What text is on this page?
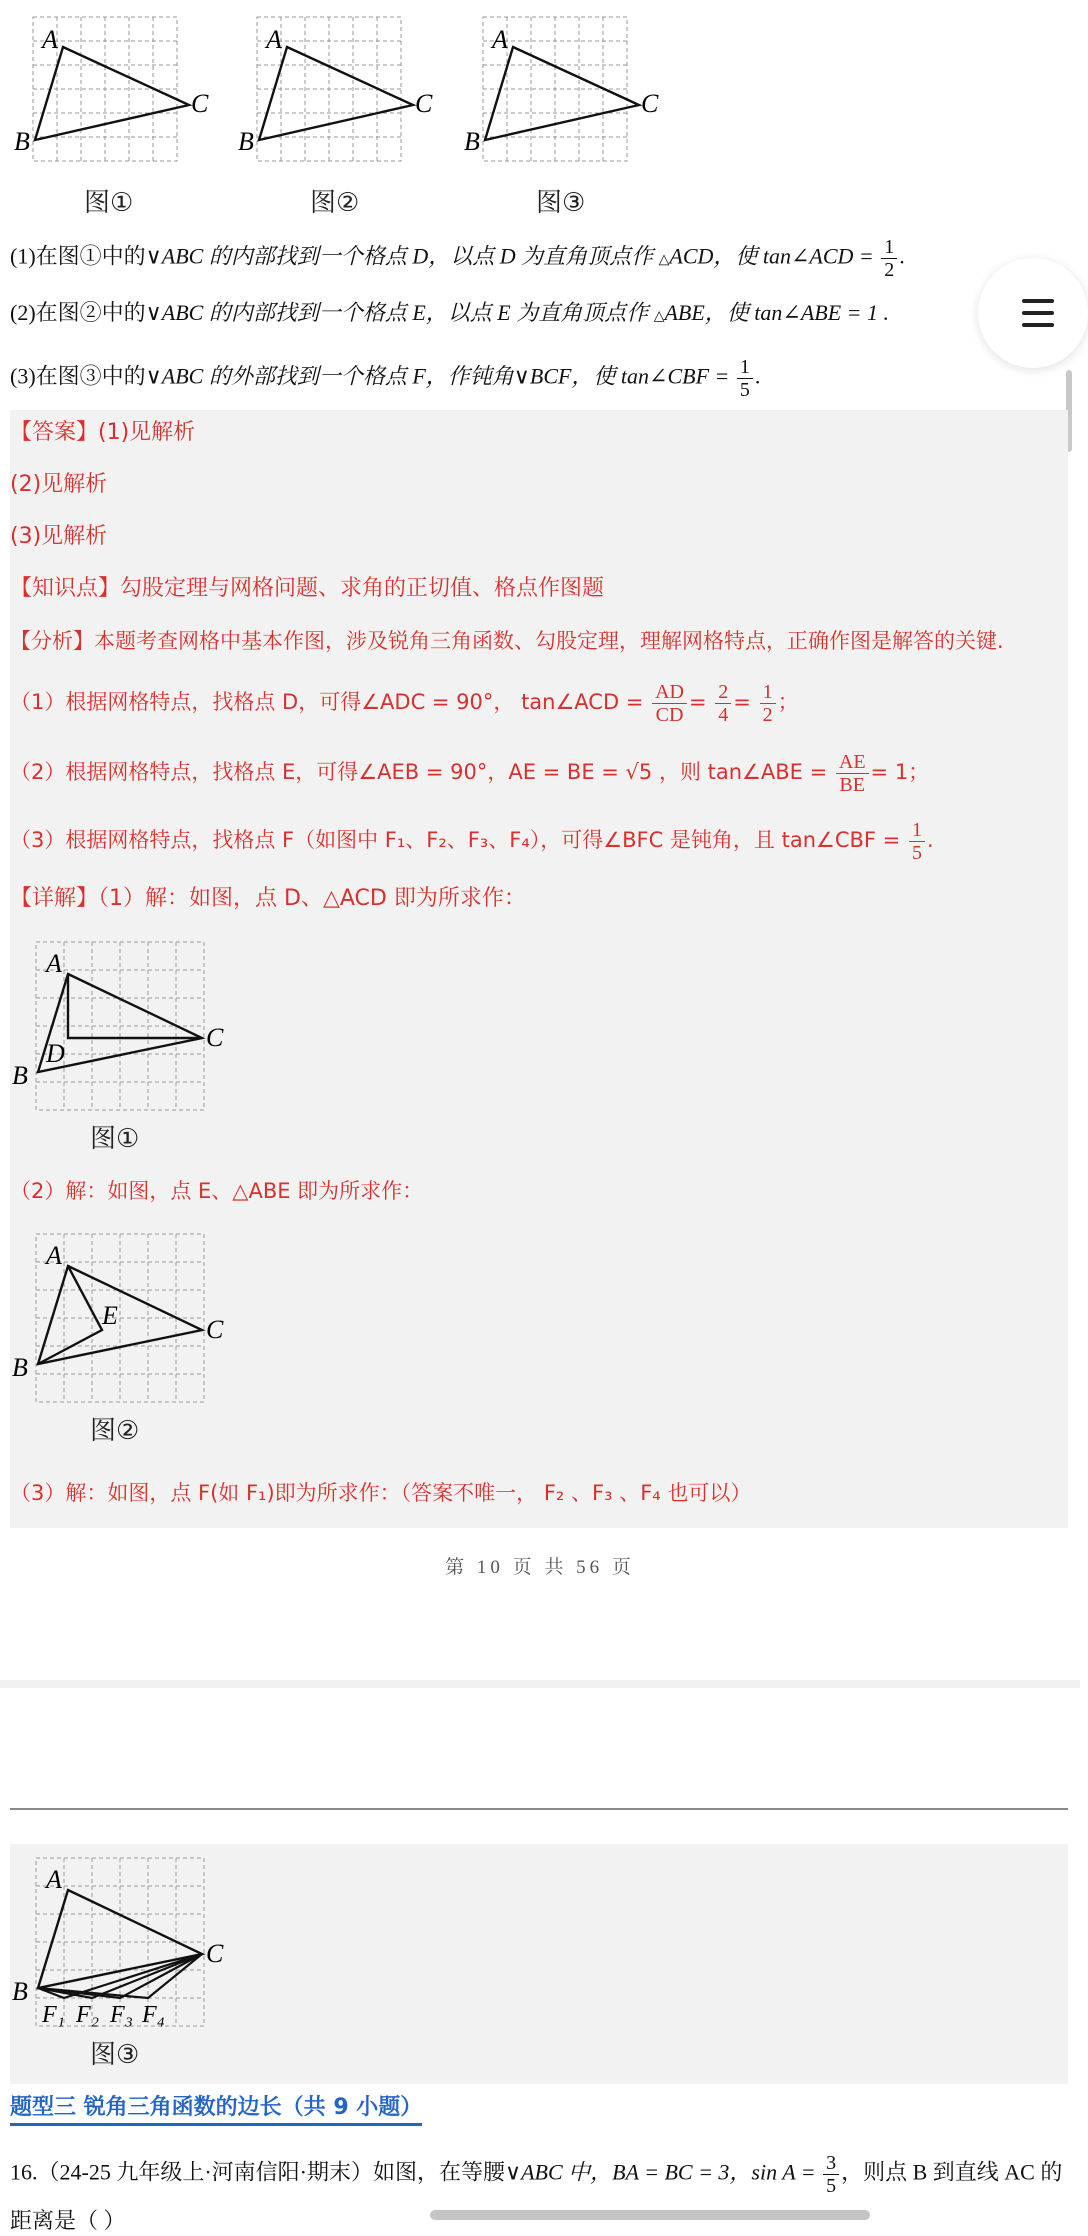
A
C
B
图①
A
C
B
图②
A
C
B
图③
(1)在图①中的∨ABC 的内部找到一个格点 D，以点 D 为直角顶点作 △ACD，使 tan∠ACD = $\frac{1}{2}$ .
(2)在图②中的∨ABC 的内部找到一个格点 E，以点 E 为直角顶点作 △ABE，使 tan∠ABE = 1 .
(3)在图③中的∨ABC 的外部找到一个格点 F，作钝角∨BCF，使 tan∠CBF = $\frac{1}{5}$ .
【答案】(1)见解析
(2)见解析
(3)见解析
【知识点】勾股定理与网格问题、求角的正切值、格点作图题
【分析】本题考查网格中基本作图，涉及锐角三角函数、勾股定理，理解网格特点，正确作图是解答的关键.
（1）根据网格特点，找格点 D，可得∠ADC = 90°， tan∠ACD = $\frac{AD}{CD} = \frac{2}{4} = \frac{1}{2}$ ；
（2）根据网格特点，找格点 E，可得∠AEB = 90°，AE = BE = √5 ，则 tan∠ABE = $\frac{AE}{BE} = 1$；
（3）根据网格特点，找格点 F（如图中 F₁、F₂、F₃、F₄），可得∠BFC 是钝角，且 tan∠CBF = $\frac{1}{5}$ .
【详解】（1）解：如图，点 D、△ACD 即为所求作：
A
C
B
D
图①
（2）解：如图，点 E、△ABE 即为所求作：
A
C
B
E
图②
（3）解：如图，点 F(如 F₁)即为所求作：（答案不唯一， F₂ 、F₃ 、F₄ 也可以）
第 10 页 共 56 页
A
C
B
F₁ F₂ F₃ F₄
图③
题型三 锐角三角函数的边长（共 9 小题）
16.（24-25 九年级上·河南信阳·期末）如图，在等腰∨ABC 中，BA = BC = 3，$\sin A = \frac{3}{5}$ ，则点 B 到直线 AC 的
距离是（ ）
